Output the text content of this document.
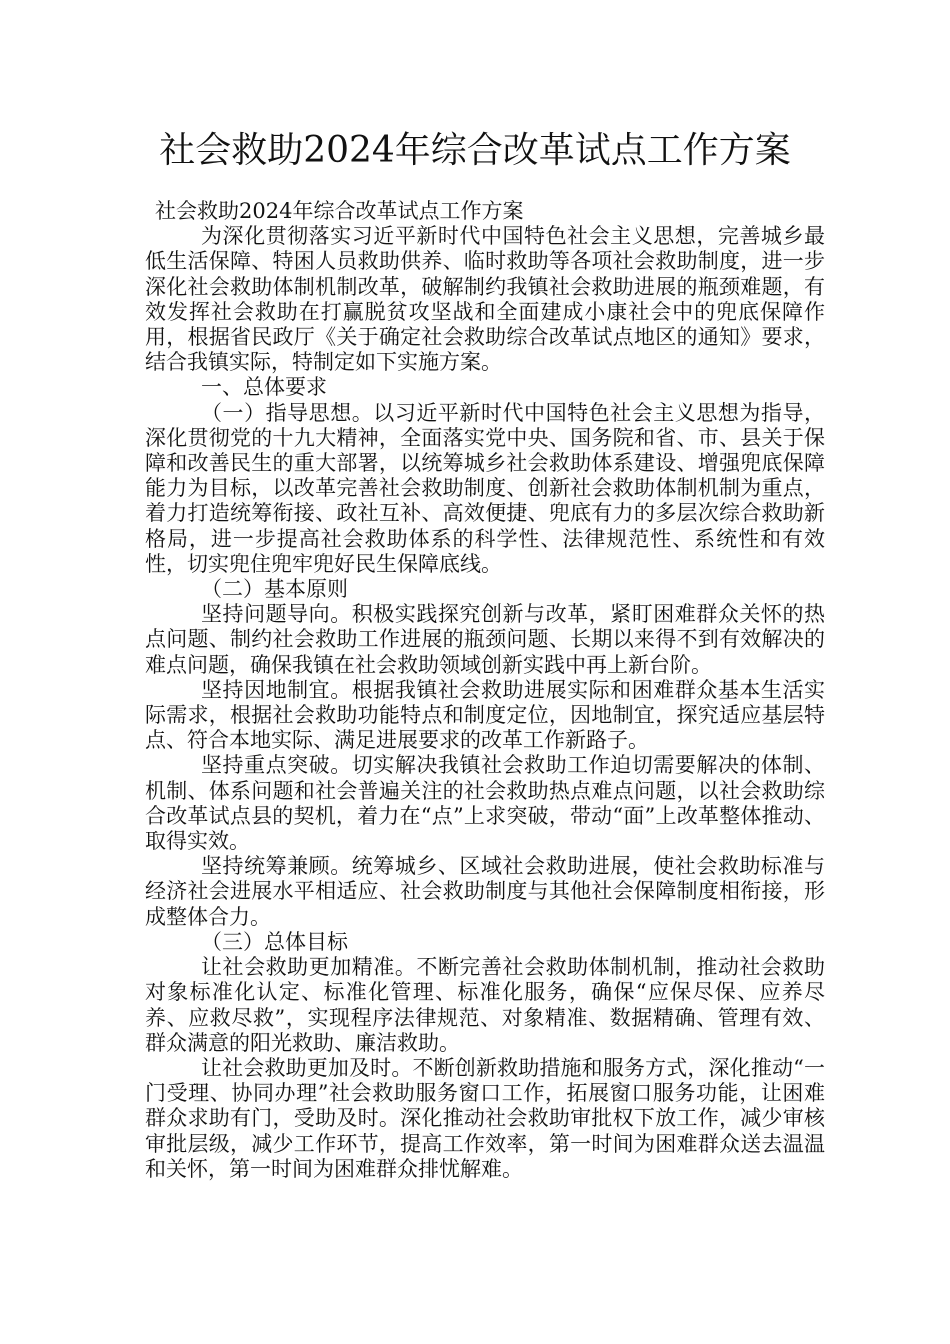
社会救助2024年综合改革试点工作方案

社会救助2024年综合改革试点工作方案

为深化贯彻落实习近平新时代中国特色社会主义思想，完善城乡最低生活保障、特困人员救助供养、临时救助等各项社会救助制度，进一步深化社会救助体制机制改革，破解制约我镇社会救助进展的瓶颈难题，有效发挥社会救助在打赢脱贫攻坚战和全面建成小康社会中的兜底保障作用，根据省民政厅《关于确定社会救助综合改革试点地区的通知》要求，结合我镇实际，特制定如下实施方案。

一、总体要求

（一）指导思想。以习近平新时代中国特色社会主义思想为指导，深化贯彻党的十九大精神，全面落实党中央、国务院和省、市、县关于保障和改善民生的重大部署，以统筹城乡社会救助体系建设、增强兜底保障能力为目标，以改革完善社会救助制度、创新社会救助体制机制为重点，着力打造统筹衔接、政社互补、高效便捷、兜底有力的多层次综合救助新格局，进一步提高社会救助体系的科学性、法律规范性、系统性和有效性，切实兜住兜牢兜好民生保障底线。

（二）基本原则

坚持问题导向。积极实践探究创新与改革，紧盯困难群众关怀的热点问题、制约社会救助工作进展的瓶颈问题、长期以来得不到有效解决的难点问题，确保我镇在社会救助领域创新实践中再上新台阶。

坚持因地制宜。根据我镇社会救助进展实际和困难群众基本生活实际需求，根据社会救助功能特点和制度定位，因地制宜，探究适应基层特点、符合本地实际、满足进展要求的改革工作新路子。

坚持重点突破。切实解决我镇社会救助工作迫切需要解决的体制、机制、体系问题和社会普遍关注的社会救助热点难点问题，以社会救助综合改革试点县的契机，着力在“点”上求突破，带动“面”上改革整体推动、取得实效。

坚持统筹兼顾。统筹城乡、区域社会救助进展，使社会救助标准与经济社会进展水平相适应、社会救助制度与其他社会保障制度相衔接，形成整体合力。

（三）总体目标

让社会救助更加精准。不断完善社会救助体制机制，推动社会救助对象标准化认定、标准化管理、标准化服务，确保“应保尽保、应养尽养、应救尽救”，实现程序法律规范、对象精准、数据精确、管理有效、群众满意的阳光救助、廉洁救助。

让社会救助更加及时。不断创新救助措施和服务方式，深化推动“一门受理、协同办理”社会救助服务窗口工作，拓展窗口服务功能，让困难群众求助有门，受助及时。深化推动社会救助审批权下放工作，减少审核审批层级，减少工作环节，提高工作效率，第一时间为困难群众送去温温和关怀，第一时间为困难群众排忧解难。
